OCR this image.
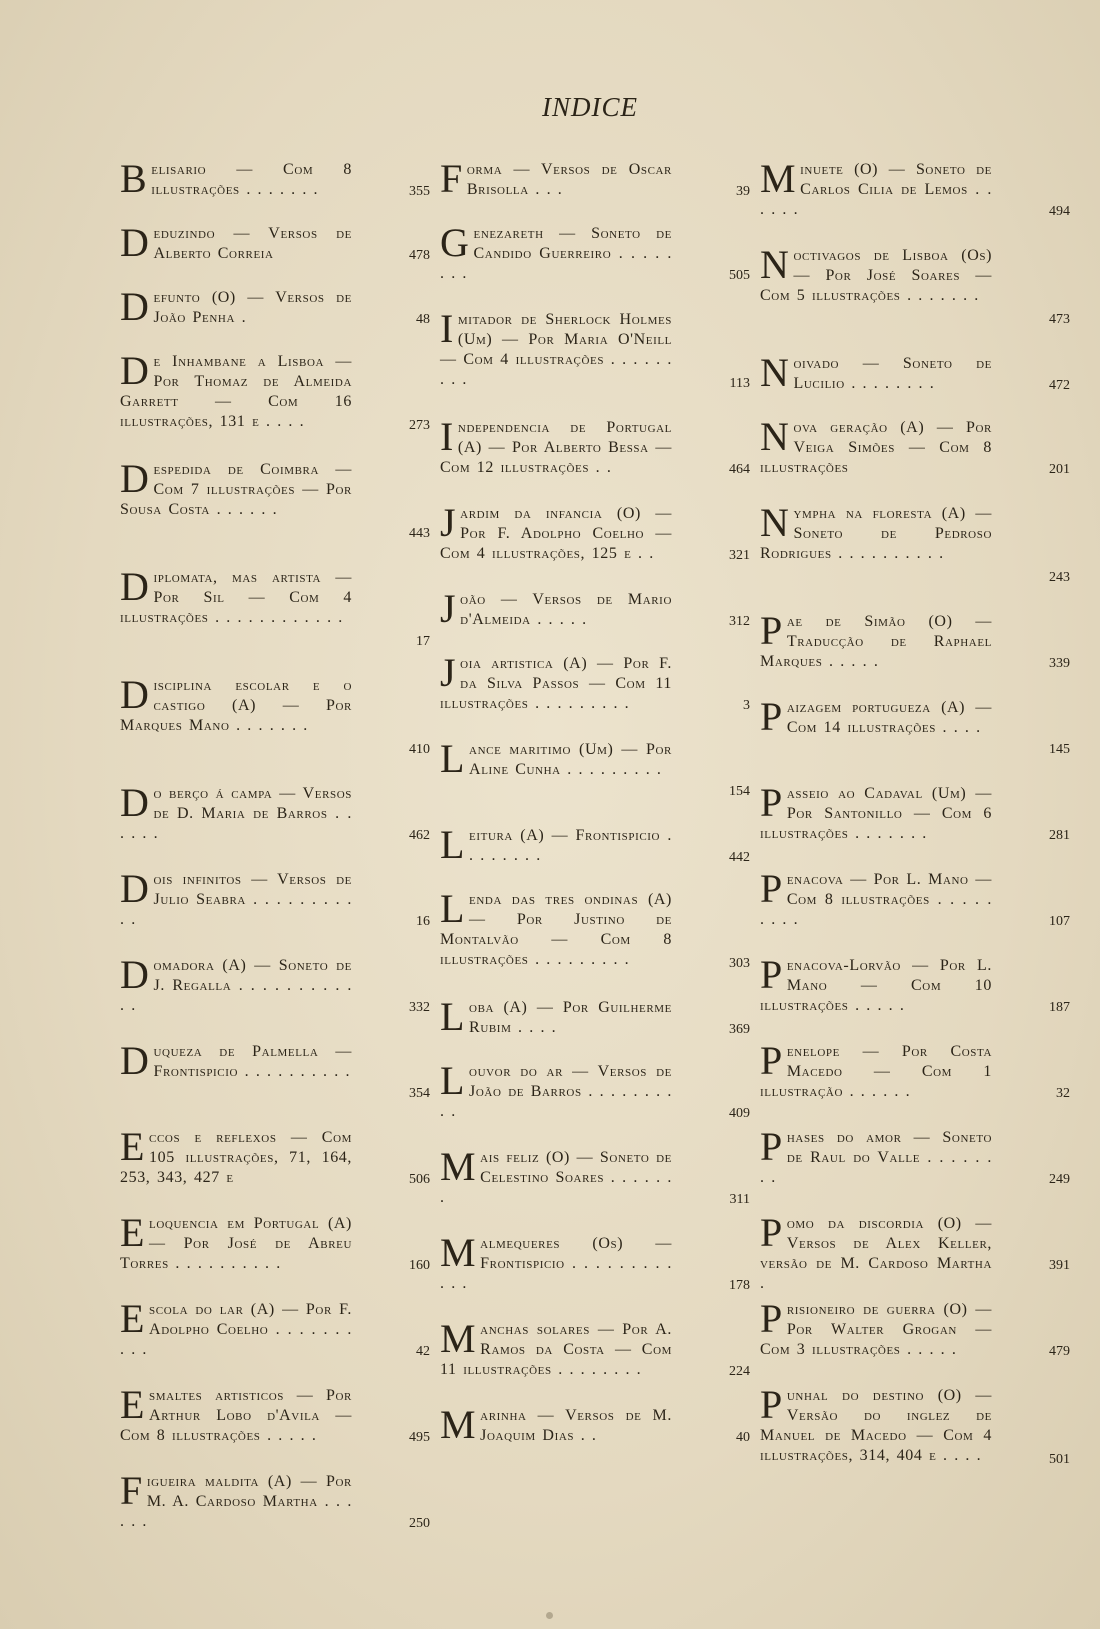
INDICE
Belisario — Com 8 illustrações . . . . . . .	355
Deduzindo — Versos de Alberto Correia	478
Defunto (O) — Versos de João Penha .	48
De Inhambane a Lisboa — Por Thomaz de Almeida Garrett — Com 16 illustrações, 131 e . . . .	273
Despedida de Coimbra — Com 7 illustrações — Por Sousa Costa . . . . . .
443
Diplomata, mas artista — Por Sil — Com 4 illustrações . . . . . . . . . . . .
17
Disciplina escolar e o castigo (A) — Por Marques Mano . . . . . . .
410
Do berço á campa — Versos de D. Maria de Barros . . . . . .	462
Dois infinitos — Versos de Julio Seabra . . . . . . . . . . .	16
Domadora (A) — Soneto de J. Regalla . . . . . . . . . . . .	332
Duqueza de Palmella — Frontispicio . . . . . . . . . .
354
Eccos e reflexos — Com 105 illustrações, 71, 164, 253, 343, 427 e	506
Eloquencia em Portugal (A) — Por José de Abreu Torres . . . . . . . . . .	160
Escola do lar (A) — Por F. Adolpho Coelho . . . . . . . . . .	42
Esmaltes artisticos — Por Arthur Lobo d'Avila — Com 8 illustrações . . . . .	495
Figueira maldita (A) — Por M. A. Cardoso Martha . . . . . .	250
Forma — Versos de Oscar Brisolla . . .	39
Genezareth — Soneto de Candido Guerreiro . . . . . . . .	505
Imitador de Sherlock Holmes (Um) — Por Maria O'Neill — Com 4 illustrações . . . . . . . . .	113
Independencia de Portugal (A) — Por Alberto Bessa — Com 12 illustrações . .	464
Jardim da infancia (O) — Por F. Adolpho Coelho — Com 4 illustrações, 125 e . .	321
João — Versos de Mario d'Almeida . . . . .	312
Joia artistica (A) — Por F. da Silva Passos — Com 11 illustrações . . . . . . . . .	3
Lance maritimo (Um) — Por Aline Cunha . . . . . . . . .
154
Leitura (A) — Frontispicio . . . . . . . .	442
Lenda das tres ondinas (A) — Por Justino de Montalvão — Com 8 illustrações . . . . . . . . .	303
Loba (A) — Por Guilherme Rubim . . . .	369
Louvor do ar — Versos de João de Barros . . . . . . . . . .	409
Mais feliz (O) — Soneto de Celestino Soares . . . . . . .	311
Malmequeres (Os) — Frontispicio . . . . . . . . . . . .	178
Manchas solares — Por A. Ramos da Costa — Com 11 illustrações . . . . . . . .	224
Marinha — Versos de M. Joaquim Dias . .	40
Minuete (O) — Soneto de Carlos Cilia de Lemos . . . . . .	494
Noctivagos de Lisboa (Os) — Por José Soares — Com 5 illustrações . . . . . . .
473
Noivado — Soneto de Lucilio . . . . . . . .	472
Nova geração (A) — Por Veiga Simões — Com 8 illustrações	201
Nympha na floresta (A) — Soneto de Pedroso Rodrigues . . . . . . . . . .
243
Pae de Simão (O) — Traducção de Raphael Marques . . . . .	339
Paizagem portugueza (A) — Com 14 illustrações . . . .
145
Passeio ao Cadaval (Um) — Por Santonillo — Com 6 illustrações . . . . . . .	281
Penacova — Por L. Mano — Com 8 illustrações . . . . . . . . .	107
Penacova-Lorvão — Por L. Mano — Com 10 illustrações . . . . .	187
Penelope — Por Costa Macedo — Com 1 illustração . . . . . .	32
Phases do amor — Soneto de Raul do Valle . . . . . . . .	249
Pomo da discordia (O) — Versos de Alex Keller, versão de M. Cardoso Martha .
391
Prisioneiro de guerra (O) — Por Walter Grogan — Com 3 illustrações . . . . .	479
Punhal do destino (O) — Versão do inglez de Manuel de Macedo — Com 4 illustrações, 314, 404 e . . . .	501
